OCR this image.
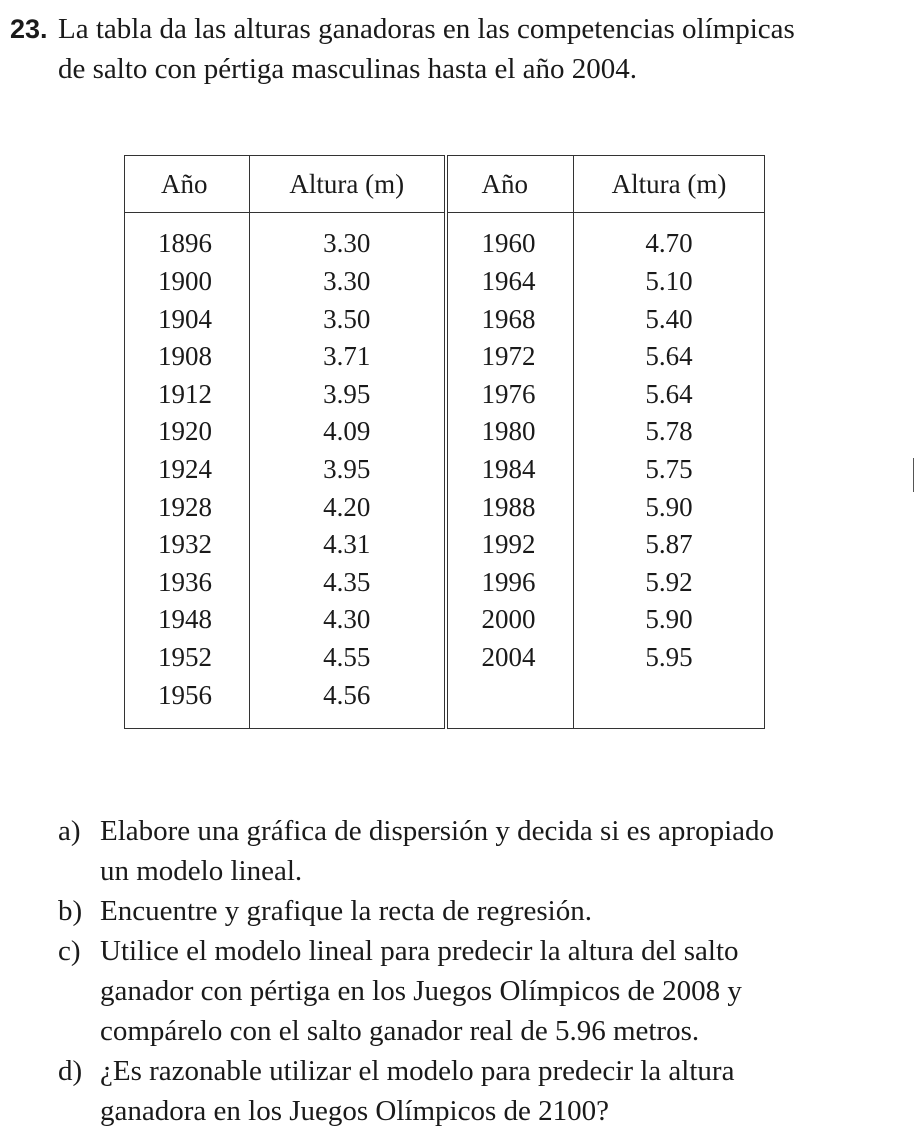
23. La tabla da las alturas ganadoras en las competencias olímpicas
de salto con pértiga masculinas hasta el año 2004.
Año	Altura (m)	Año	Altura (m)
1896	3.30	1960	4.70
1900	3.30	1964	5.10
1904	3.50	1968	5.40
1908	3.71	1972	5.64
1912	3.95	1976	5.64
1920	4.09	1980	5.78
1924	3.95	1984	5.75
1928	4.20	1988	5.90
1932	4.31	1992	5.87
1936	4.35	1996	5.92
1948	4.30	2000	5.90
1952	4.55	2004	5.95
1956	4.56		
a) Elabore una gráfica de dispersión y decida si es apropiado
un modelo lineal.
b) Encuentre y grafique la recta de regresión.
c) Utilice el modelo lineal para predecir la altura del salto
ganador con pértiga en los Juegos Olímpicos de 2008 y
compárelo con el salto ganador real de 5.96 metros.
d) ¿Es razonable utilizar el modelo para predecir la altura
ganadora en los Juegos Olímpicos de 2100?
